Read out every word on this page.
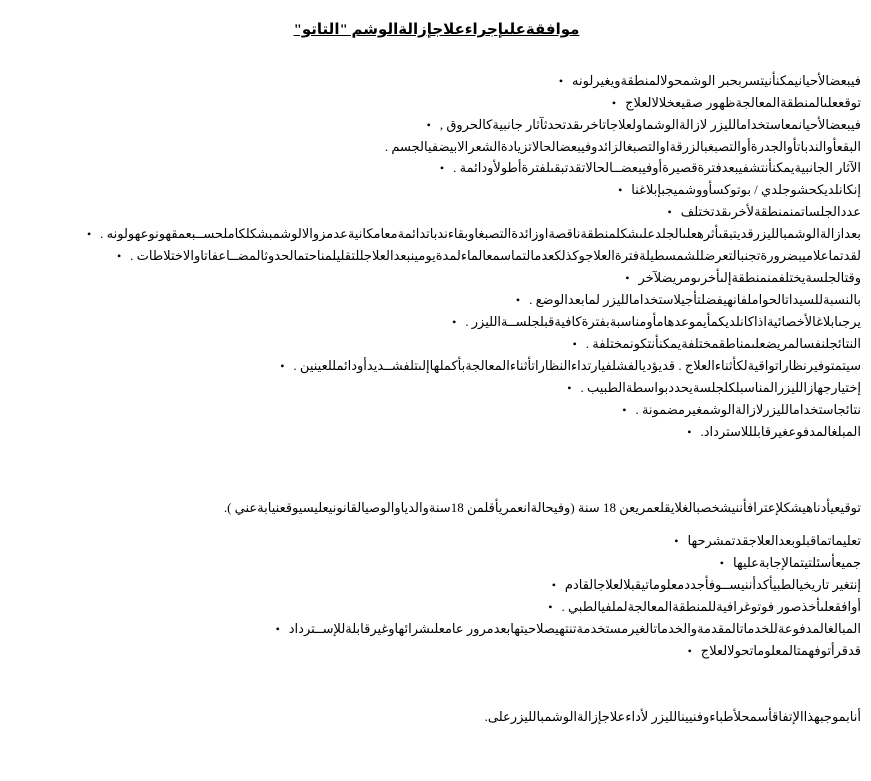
موافقةعلىإجراءعلاجإزالةالوشم "التاتو"
• فيبعضالأحيانيمكنأنيتسربحبر الوشمحولالمنطقةويغيرلونه
• توقععلىالمنطقةالمعالجةظهور صقيعخلالالعلاج
• فيبعضالأحيانمعاستخدامالليزر لازالةالوشماولعلاجاتاخرىقدتحدثآثار جانبيةكالحروق ,
البقعأوالندباتأوالجدرةأوالتصبغبالزرقةاوالتصبغالزائدوفيبعضالحالاتزيادةالشعرالابيضفيالجسم .
• الآثار الجانبيةيمكنأنتشفيبعدفترةقصيرةأوفيبعضــالحالاتقدتبقىلفترةأطولأودائمة .
• إنكانلديكحشوجلدي / بوتوكسأووشميجبإبلاغنا
• عددالجلساتمنمنطقةلأخرىقدتختلف
• بعدازالةالوشمبالليزرقديتبقىأثرهعلىالجلدعلىشكلمنطقةناقصةاوزائدةالتصبغاوبقاءندباتدائمةمعامكانيةعدمزوالالوشمبشكلكاملحســبعمقهونوعهولونه .
• لقدتماعلاميبضرورةتجنبالتعرضللشمسطيلةفترةالعلاجوكذلكعدمالتماسمعالماءلمدةيومينبعدالعلاجللتقليلمناحتمالحدوثالمضــاعفاتاوالاختلاطات .
• وقتالجلسةيختلفمنمنطقةإلىأخرىومريضلآخر
• بالنسبةللسيداتالحواملفانهيفضلتأجيلاستخدامالليزر لمابعدالوضع .
• يرجىابلاغالأخصائيةاذاكانلديكمأيموعدهامأومناسبةبفترةكافيةقبلجلســةالليزر .
• النتائجلنفسالمريضعلىمناطقمختلفةيمكنأنتكونمختلفة .
• سيتمتوفيرنظاراتواقيةلكأثناءالعلاج . قديؤديالفشلفيارتداءالنظاراتأثناءالمعالجةبأكملهاإلىتلفشــديدأودائمللعينين .
• إختيارجهازالليزرالمناسبلكلجلسةيحددبواسطةالطبيب .
• نتائجاستخدامالليزرلازالةالوشمغيرمضمونة .
• المبلغالمدفوعغيرقابلللاسترداد.
توقيعيأدناهيشكلإعترافأننيشخصبالغلايقلعمريعن 18 سنة (وفيحالةانعمريأقلمن 18سنةوالدياوالوصيالقانونيعليسيوقعنيابةعني ).
• تعليماتماقبلوبعدالعلاجقدتمشرحها
• جميعأسئلتيتمالإجابةعليها
• إنتغير تاريخيالطبيأكدأننيســوفأجددمعلوماتيقبلالعلاجالقادم
• أوافقعلىأخذصور فوتوغرافيةللمنطقةالمعالجةلملفيالطبي .
• المبالغالمدفوعةللخدماتالمقدمةوالخدماتالغيرمستخدمةتنتهيصلاحيتهابعدمرور عامعلىشرائهاوغيرقابلةللإســترداد
• قدقرأتوفهمتالمعلوماتحولالعلاج
أنابموجبهذاالإتفاقأسمحلأطباءوفنيينالليزر لأداءعلاجإزالةالوشمبالليزرعلى.
